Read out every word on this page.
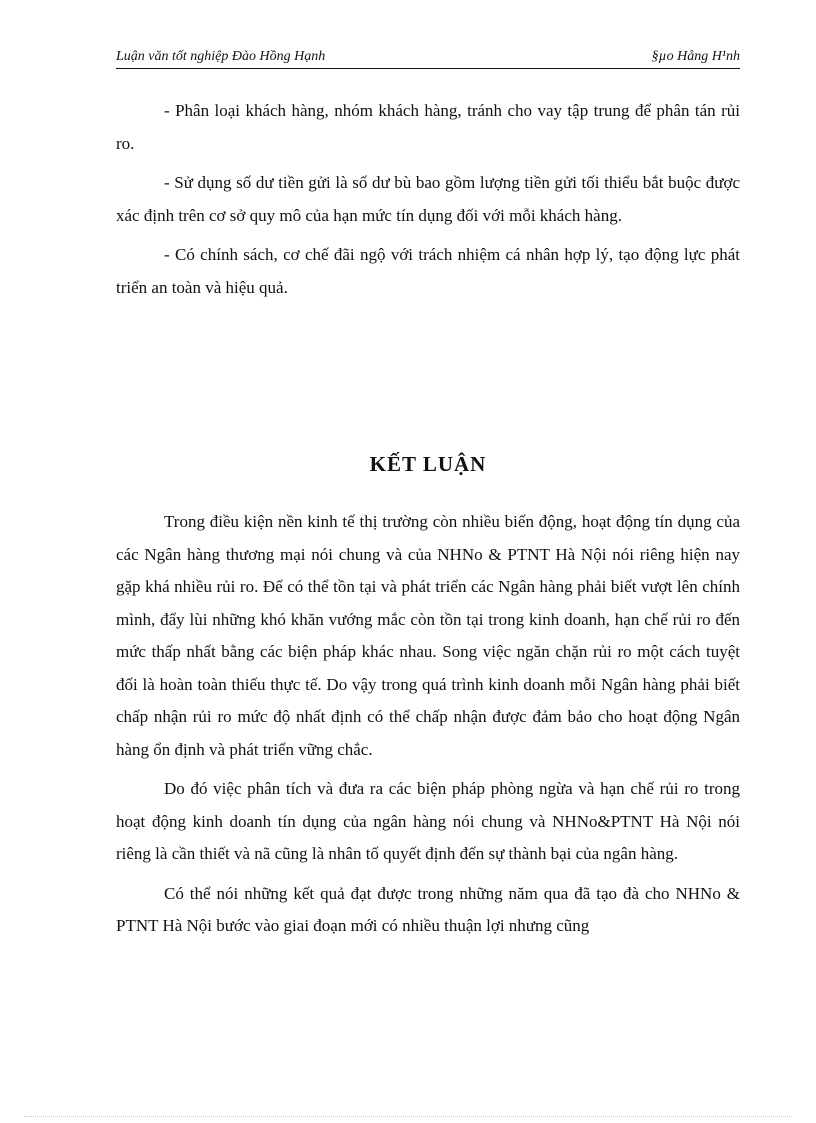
Luận văn tốt nghiệp Đào Hồng Hạnh	§µo Hång H¹nh

- Phân loại khách hàng, nhóm khách hàng, tránh cho vay tập trung để phân tán rủi ro.

- Sử dụng số dư tiền gửi là số dư bù bao gồm lượng tiền gửi tối thiểu bắt buộc được xác định trên cơ sở quy mô của hạn mức tín dụng đối với mỗi khách hàng.

- Có chính sách, cơ chế đãi ngộ với trách nhiệm cá nhân hợp lý, tạo động lực phát triển an toàn và hiệu quả.

KẾT LUẬN

Trong điều kiện nền kinh tế thị trường còn nhiều biến động, hoạt động tín dụng của các Ngân hàng thương mại nói chung và của NHNo & PTNT Hà Nội nói riêng hiện nay gặp khá nhiều rủi ro. Để có thể tồn tại và phát triển các Ngân hàng phải biết vượt lên chính mình, đẩy lùi những khó khăn vướng mắc còn tồn tại trong kinh doanh, hạn chế rủi ro đến mức thấp nhất bằng các biện pháp khác nhau. Song việc ngăn chặn rủi ro một cách tuyệt đối là hoàn toàn thiếu thực tế. Do vậy trong quá trình kinh doanh mỗi Ngân hàng phải biết chấp nhận rủi ro mức độ nhất định có thể chấp nhận được đảm bảo cho hoạt động Ngân hàng ổn định và phát triển vững chắc.

Do đó việc phân tích và đưa ra các biện pháp phòng ngừa và hạn chế rủi ro trong hoạt động kinh doanh tín dụng của ngân hàng nói chung và NHNo&PTNT Hà Nội nói riêng là cần thiết và nã cũng là nhân tố quyết định đến sự thành bại của ngân hàng.

Có thể nói những kết quả đạt được trong những năm qua đã tạo đà cho NHNo & PTNT Hà Nội bước vào giai đoạn mới có nhiều thuận lợi nhưng cũng
